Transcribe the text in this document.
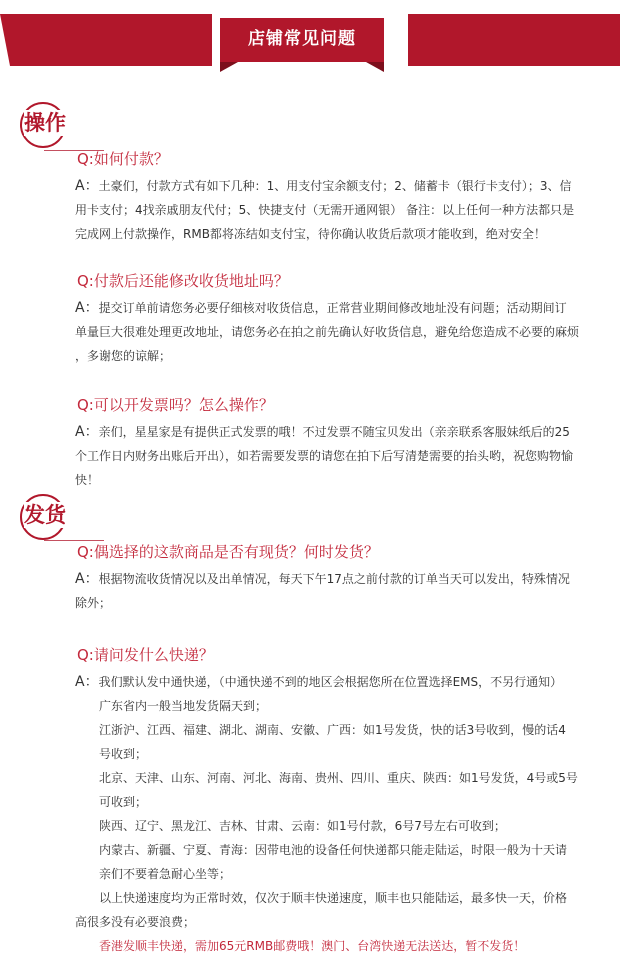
店铺常见问题
操作
Q:如何付款？
A：土豪们，付款方式有如下几种：1、用支付宝余额支付；2、储蓄卡（银行卡支付）；3、信
用卡支付；4找亲戚朋友代付；5、快捷支付（无需开通网银） 备注：以上任何一种方法都只是
完成网上付款操作，RMB都将冻结如支付宝，待你确认收货后款项才能收到，绝对安全！
Q:付款后还能修改收货地址吗？
A：提交订单前请您务必要仔细核对收货信息，正常营业期间修改地址没有问题；活动期间订
单量巨大很难处理更改地址，请您务必在拍之前先确认好收货信息，避免给您造成不必要的麻烦
，多谢您的谅解；
Q:可以开发票吗？怎么操作？
A：亲们，星星家是有提供正式发票的哦！不过发票不随宝贝发出（亲亲联系客服妹纸后的25
个工作日内财务出账后开出），如若需要发票的请您在拍下后写清楚需要的抬头哟，祝您购物愉
快！
发货
Q:偶选择的这款商品是否有现货？何时发货？
A：根据物流收货情况以及出单情况，每天下午17点之前付款的订单当天可以发出，特殊情况
除外；
Q:请问发什么快递？
A：我们默认发中通快递，（中通快递不到的地区会根据您所在位置选择EMS，不另行通知）
广东省内一般当地发货隔天到；
江浙沪、江西、福建、湖北、湖南、安徽、广西：如1号发货，快的话3号收到，慢的话4
号收到；
北京、天津、山东、河南、河北、海南、贵州、四川、重庆、陕西：如1号发货，4号或5号
可收到；
陕西、辽宁、黑龙江、吉林、甘肃、云南：如1号付款，6号7号左右可收到；
内蒙古、新疆、宁夏、青海：因带电池的设备任何快递都只能走陆运，时限一般为十天请
亲们不要着急耐心坐等；
以上快递速度均为正常时效，仅次于顺丰快递速度，顺丰也只能陆运，最多快一天，价格
高很多没有必要浪费；
香港发顺丰快递，需加65元RMB邮费哦！澳门、台湾快递无法送达，暂不发货！
